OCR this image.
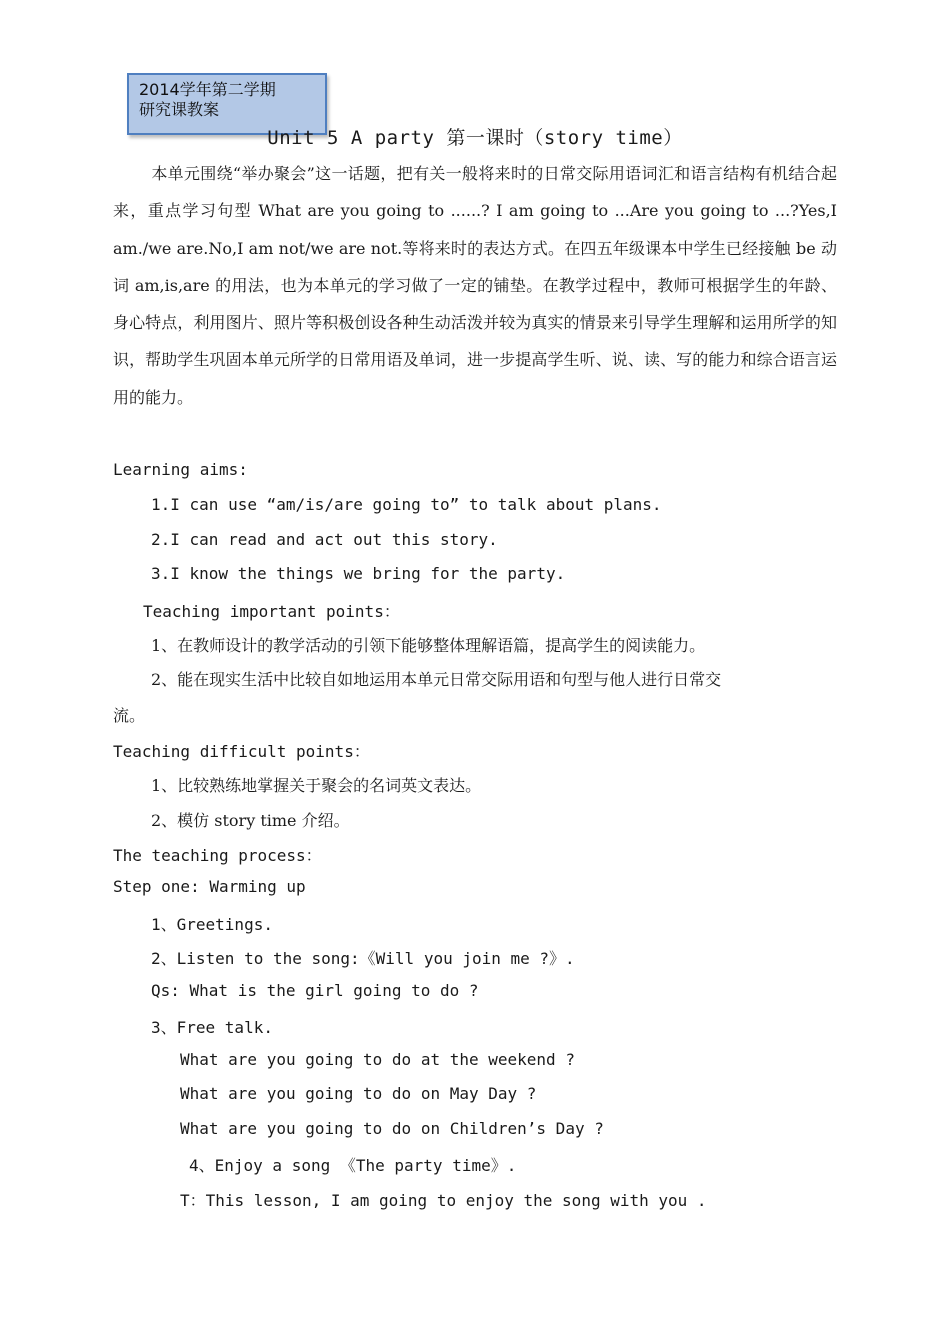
2014学年第二学期
研究课教案
Unit 5 A party 第一课时（story time）
本单元围绕“举办聚会”这一话题，把有关一般将来时的日常交际用语词汇和语言结构有机结合起来，重点学习句型 What are you going to ......? I am going to ...Are you going to ...?Yes,I am./we are.No,I am not/we are not.等将来时的表达方式。在四五年级课本中学生已经接触 be 动词 am,is,are 的用法，也为本单元的学习做了一定的铺垫。在教学过程中，教师可根据学生的年龄、身心特点，利用图片、照片等积极创设各种生动活泼并较为真实的情景来引导学生理解和运用所学的知识，帮助学生巩固本单元所学的日常用语及单词，进一步提高学生听、说、读、写的能力和综合语言运用的能力。
Learning aims:
1.I can use “am/is/are going to” to talk about plans.
2.I can read and act out this story.
3.I know the things we bring for the party.
Teaching important points：
1、在教师设计的教学活动的引领下能够整体理解语篇，提高学生的阅读能力。
2、能在现实生活中比较自如地运用本单元日常交际用语和句型与他人进行日常交
流。
Teaching difficult points：
1、比较熟练地掌握关于聚会的名词英文表达。
2、模仿 story time 介绍。
The teaching process：
Step one: Warming up
1、Greetings.
2、Listen to the song:《Will you join me ?》.
Qs: What is the girl going to do ?
3、Free talk.
What are you going to do at the weekend ?
What are you going to do on May Day ?
What are you going to do on Children’s Day ?
4、Enjoy a song 《The party time》.
T：This lesson, I am going to enjoy the song with you .
